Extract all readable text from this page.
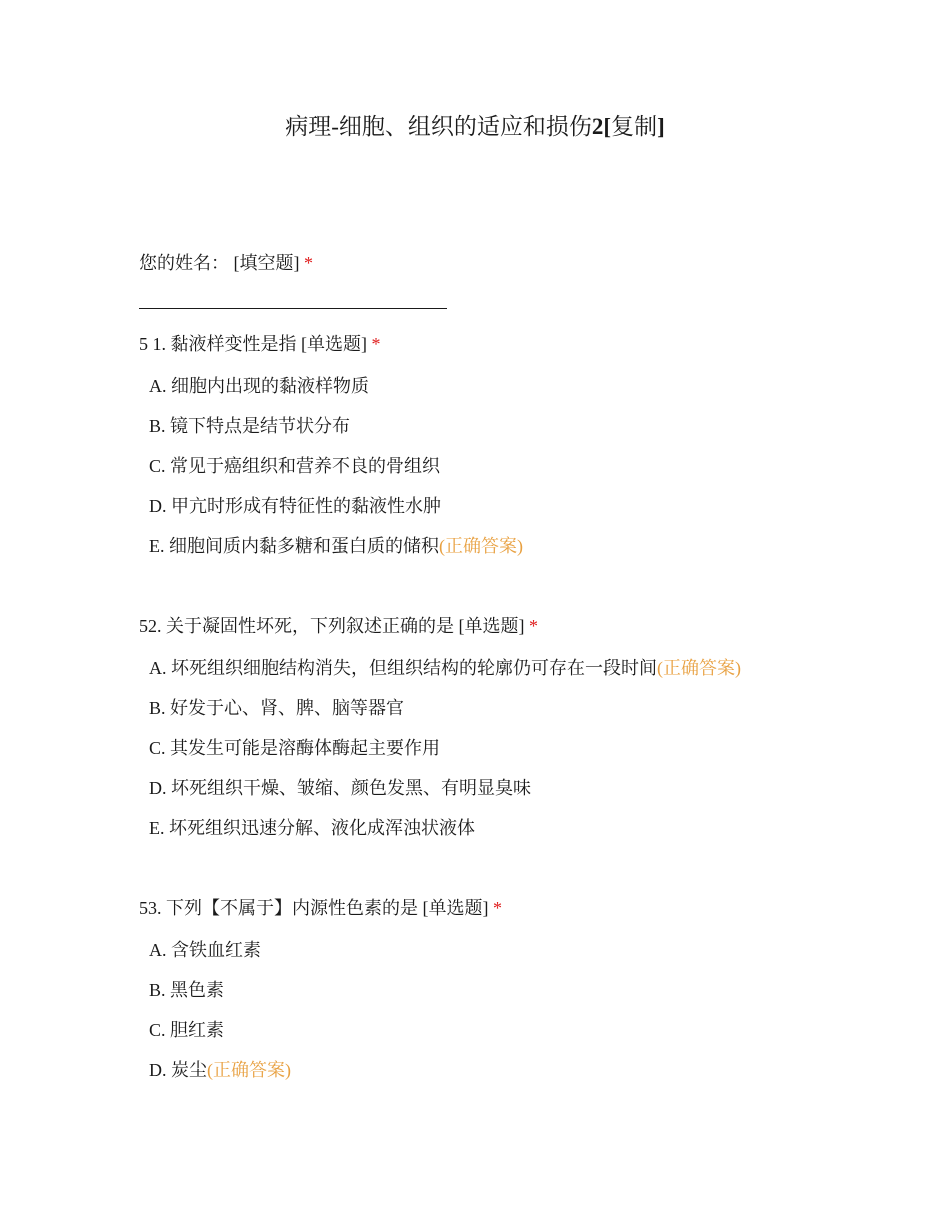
病理-细胞、组织的适应和损伤2[复制]
您的姓名： [填空题] *
5 1. 黏液样变性是指 [单选题] *
A. 细胞内出现的黏液样物质
B. 镜下特点是结节状分布
C. 常见于癌组织和营养不良的骨组织
D. 甲亢时形成有特征性的黏液性水肿
E. 细胞间质内黏多糖和蛋白质的储积(正确答案)
52. 关于凝固性坏死，下列叙述正确的是 [单选题] *
A. 坏死组织细胞结构消失，但组织结构的轮廓仍可存在一段时间(正确答案)
B. 好发于心、肾、脾、脑等器官
C. 其发生可能是溶酶体酶起主要作用
D. 坏死组织干燥、皱缩、颜色发黑、有明显臭味
E. 坏死组织迅速分解、液化成浑浊状液体
53. 下列【不属于】内源性色素的是 [单选题] *
A. 含铁血红素
B. 黑色素
C. 胆红素
D. 炭尘(正确答案)
